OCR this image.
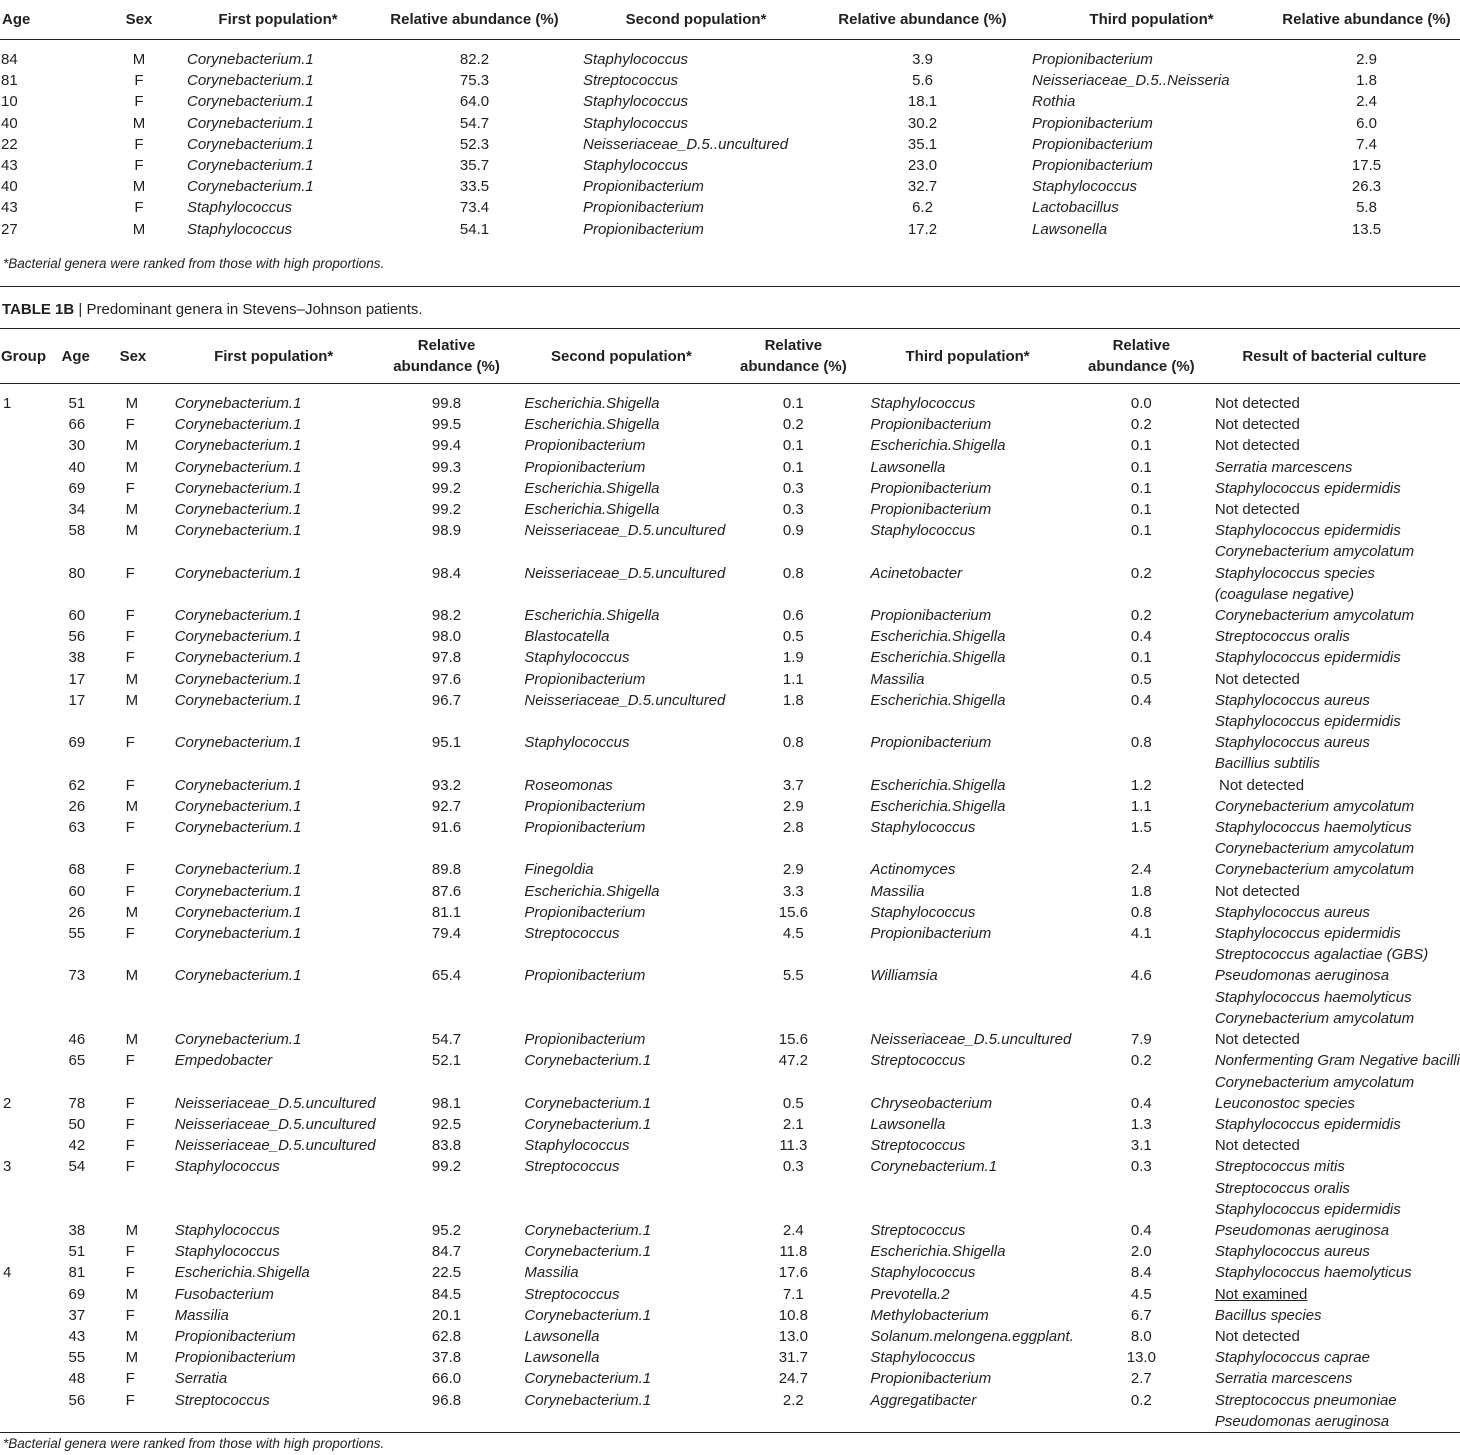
Age	Sex	First population*	Relative abundance (%)	Second population*	Relative abundance (%)	Third population*	Relative abundance (%)
84	M	Corynebacterium.1	82.2	Staphylococcus	3.9	Propionibacterium	2.9
81	F	Corynebacterium.1	75.3	Streptococcus	5.6	Neisseriaceae_D.5..Neisseria	1.8
10	F	Corynebacterium.1	64.0	Staphylococcus	18.1	Rothia	2.4
40	M	Corynebacterium.1	54.7	Staphylococcus	30.2	Propionibacterium	6.0
22	F	Corynebacterium.1	52.3	Neisseriaceae_D.5..uncultured	35.1	Propionibacterium	7.4
43	F	Corynebacterium.1	35.7	Staphylococcus	23.0	Propionibacterium	17.5
40	M	Corynebacterium.1	33.5	Propionibacterium	32.7	Staphylococcus	26.3
43	F	Staphylococcus	73.4	Propionibacterium	6.2	Lactobacillus	5.8
27	M	Staphylococcus	54.1	Propionibacterium	17.2	Lawsonella	13.5
*Bacterial genera were ranked from those with high proportions.
TABLE 1B | Predominant genera in Stevens–Johnson patients.
Group	Age	Sex	First population*	Relative
abundance (%)	Second population*	Relative
abundance (%)	Third population*	Relative
abundance (%)	Result of bacterial culture
1	51	M	Corynebacterium.1	99.8	Escherichia.Shigella	0.1	Staphylococcus	0.0	Not detected

	66	F	Corynebacterium.1	99.5	Escherichia.Shigella	0.2	Propionibacterium	0.2	Not detected

	30	M	Corynebacterium.1	99.4	Propionibacterium	0.1	Escherichia.Shigella	0.1	Not detected

	40	M	Corynebacterium.1	99.3	Propionibacterium	0.1	Lawsonella	0.1	Serratia marcescens

	69	F	Corynebacterium.1	99.2	Escherichia.Shigella	0.3	Propionibacterium	0.1	Staphylococcus epidermidis

	34	M	Corynebacterium.1	99.2	Escherichia.Shigella	0.3	Propionibacterium	0.1	Not detected

	58	M	Corynebacterium.1	98.9	Neisseriaceae_D.5.uncultured	0.9	Staphylococcus	0.1	Staphylococcus epidermidis
Corynebacterium amycolatum

	80	F	Corynebacterium.1	98.4	Neisseriaceae_D.5.uncultured	0.8	Acinetobacter	0.2	Staphylococcus species
(coagulase negative)

	60	F	Corynebacterium.1	98.2	Escherichia.Shigella	0.6	Propionibacterium	0.2	Corynebacterium amycolatum

	56	F	Corynebacterium.1	98.0	Blastocatella	0.5	Escherichia.Shigella	0.4	Streptococcus oralis

	38	F	Corynebacterium.1	97.8	Staphylococcus	1.9	Escherichia.Shigella	0.1	Staphylococcus epidermidis

	17	M	Corynebacterium.1	97.6	Propionibacterium	1.1	Massilia	0.5	Not detected

	17	M	Corynebacterium.1	96.7	Neisseriaceae_D.5.uncultured	1.8	Escherichia.Shigella	0.4	Staphylococcus aureus
Staphylococcus epidermidis

	69	F	Corynebacterium.1	95.1	Staphylococcus	0.8	Propionibacterium	0.8	Staphylococcus aureus
Bacillius subtilis

	62	F	Corynebacterium.1	93.2	Roseomonas	3.7	Escherichia.Shigella	1.2	Not detected

	26	M	Corynebacterium.1	92.7	Propionibacterium	2.9	Escherichia.Shigella	1.1	Corynebacterium amycolatum

	63	F	Corynebacterium.1	91.6	Propionibacterium	2.8	Staphylococcus	1.5	Staphylococcus haemolyticus
Corynebacterium amycolatum

	68	F	Corynebacterium.1	89.8	Finegoldia	2.9	Actinomyces	2.4	Corynebacterium amycolatum

	60	F	Corynebacterium.1	87.6	Escherichia.Shigella	3.3	Massilia	1.8	Not detected

	26	M	Corynebacterium.1	81.1	Propionibacterium	15.6	Staphylococcus	0.8	Staphylococcus aureus

	55	F	Corynebacterium.1	79.4	Streptococcus	4.5	Propionibacterium	4.1	Staphylococcus epidermidis
Streptococcus agalactiae (GBS)

	73	M	Corynebacterium.1	65.4	Propionibacterium	5.5	Williamsia	4.6	Pseudomonas aeruginosa
Staphylococcus haemolyticus
Corynebacterium amycolatum

	46	M	Corynebacterium.1	54.7	Propionibacterium	15.6	Neisseriaceae_D.5.uncultured	7.9	Not detected

	65	F	Empedobacter	52.1	Corynebacterium.1	47.2	Streptococcus	0.2	Nonfermenting Gram Negative bacilli
Corynebacterium amycolatum

2	78	F	Neisseriaceae_D.5.uncultured	98.1	Corynebacterium.1	0.5	Chryseobacterium	0.4	Leuconostoc species

	50	F	Neisseriaceae_D.5.uncultured	92.5	Corynebacterium.1	2.1	Lawsonella	1.3	Staphylococcus epidermidis

	42	F	Neisseriaceae_D.5.uncultured	83.8	Staphylococcus	11.3	Streptococcus	3.1	Not detected

3	54	F	Staphylococcus	99.2	Streptococcus	0.3	Corynebacterium.1	0.3	Streptococcus mitis
Streptococcus oralis
Staphylococcus epidermidis

	38	M	Staphylococcus	95.2	Corynebacterium.1	2.4	Streptococcus	0.4	Pseudomonas aeruginosa

	51	F	Staphylococcus	84.7	Corynebacterium.1	11.8	Escherichia.Shigella	2.0	Staphylococcus aureus

4	81	F	Escherichia.Shigella	22.5	Massilia	17.6	Staphylococcus	8.4	Staphylococcus haemolyticus

	69	M	Fusobacterium	84.5	Streptococcus	7.1	Prevotella.2	4.5	Not examined

	37	F	Massilia	20.1	Corynebacterium.1	10.8	Methylobacterium	6.7	Bacillus species

	43	M	Propionibacterium	62.8	Lawsonella	13.0	Solanum.melongena.eggplant.	8.0	Not detected

	55	M	Propionibacterium	37.8	Lawsonella	31.7	Staphylococcus	13.0	Staphylococcus caprae

	48	F	Serratia	66.0	Corynebacterium.1	24.7	Propionibacterium	2.7	Serratia marcescens

	56	F	Streptococcus	96.8	Corynebacterium.1	2.2	Aggregatibacter	0.2	Streptococcus pneumoniae
Pseudomonas aeruginosa
*Bacterial genera were ranked from those with high proportions.
